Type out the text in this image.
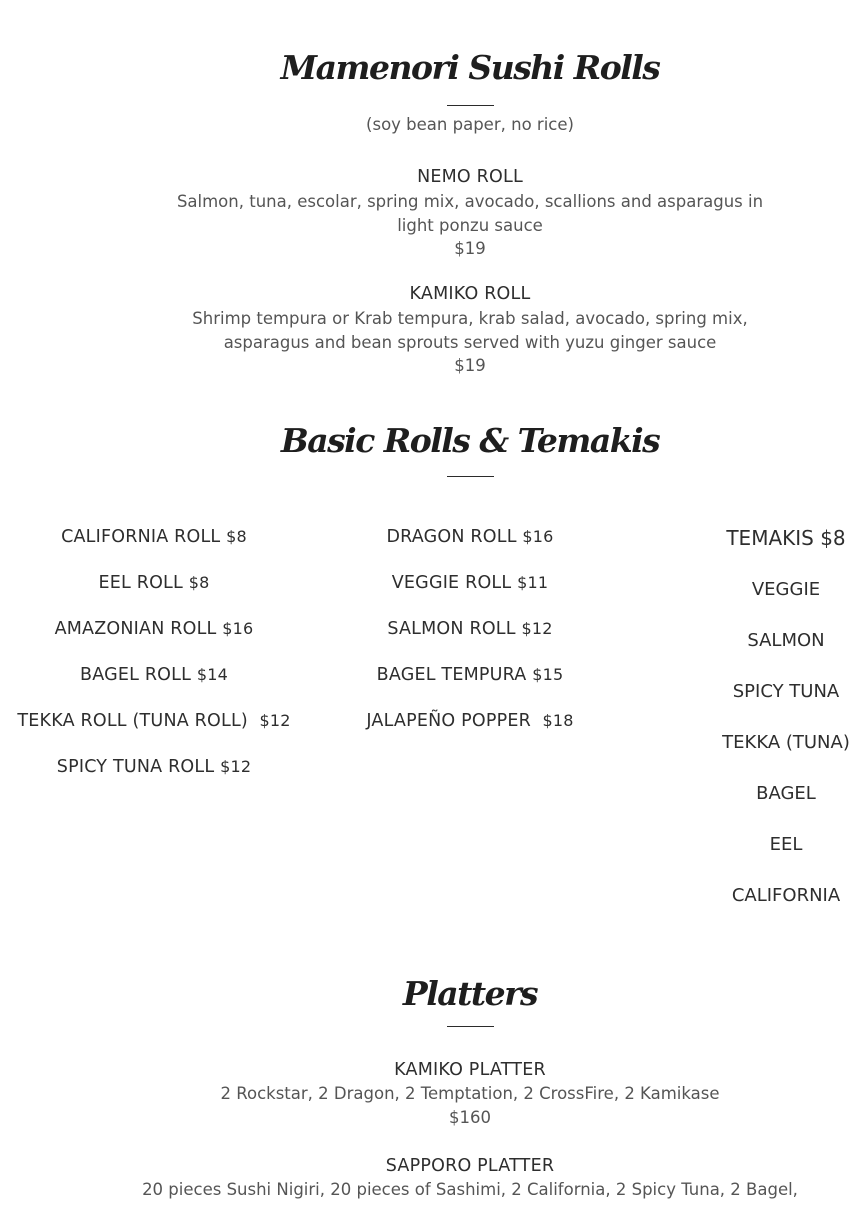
Mamenori Sushi Rolls
(soy bean paper, no rice)
NEMO ROLL
Salmon, tuna, escolar, spring mix, avocado, scallions and asparagus in light ponzu sauce
$19
KAMIKO ROLL
Shrimp tempura or Krab tempura, krab salad, avocado, spring mix, asparagus and bean sprouts served with yuzu ginger sauce
$19
Basic Rolls & Temakis
CALIFORNIA ROLL $8
EEL ROLL $8
AMAZONIAN ROLL $16
BAGEL ROLL $14
TEKKA ROLL (TUNA ROLL) $12
SPICY TUNA ROLL $12
DRAGON ROLL $16
VEGGIE ROLL $11
SALMON ROLL $12
BAGEL TEMPURA $15
JALAPEÑO POPPER $18
TEMAKIS $8
VEGGIE
SALMON
SPICY TUNA
TEKKA (TUNA)
BAGEL
EEL
CALIFORNIA
Platters
KAMIKO PLATTER
2 Rockstar, 2 Dragon, 2 Temptation, 2 CrossFire, 2 Kamikase
$160
SAPPORO PLATTER
20 pieces Sushi Nigiri, 20 pieces of Sashimi, 2 California, 2 Spicy Tuna, 2 Bagel,
